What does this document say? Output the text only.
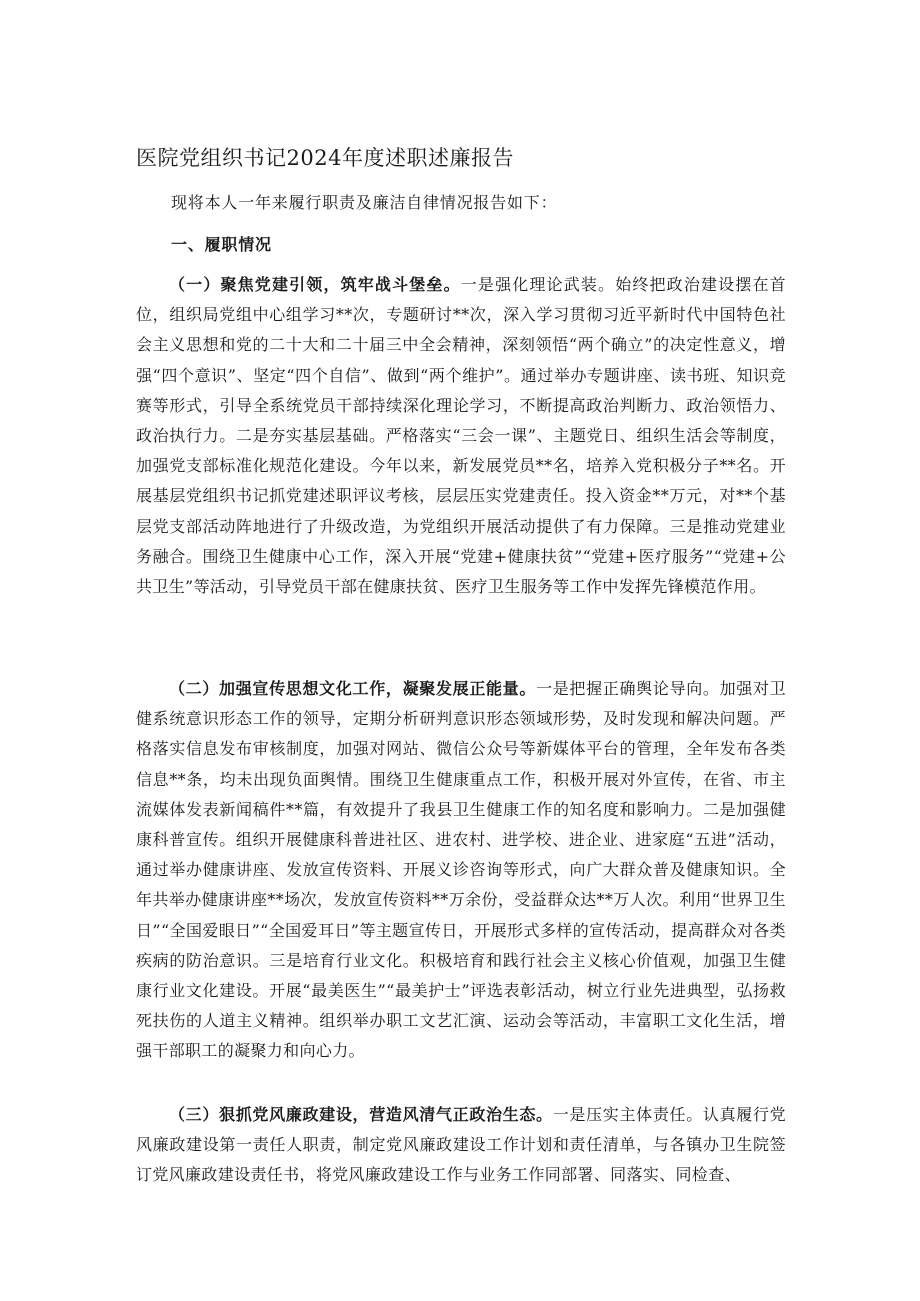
医院党组织书记2024年度述职述廉报告
现将本人一年来履行职责及廉洁自律情况报告如下：
一、履职情况

（一）聚焦党建引领，筑牢战斗堡垒。一是强化理论武装。始终把政治建设摆在首位，组织局党组中心组学习**次，专题研讨**次，深入学习贯彻习近平新时代中国特色社会主义思想和党的二十大和二十届三中全会精神，深刻领悟“两个确立”的决定性意义，增强“四个意识”、坚定“四个自信”、做到“两个维护”。通过举办专题讲座、读书班、知识竞赛等形式，引导全系统党员干部持续深化理论学习，不断提高政治判断力、政治领悟力、政治执行力。二是夯实基层基础。严格落实“三会一课”、主题党日、组织生活会等制度，加强党支部标准化规范化建设。今年以来，新发展党员**名，培养入党积极分子**名。开展基层党组织书记抓党建述职评议考核，层层压实党建责任。投入资金**万元，对**个基层党支部活动阵地进行了升级改造，为党组织开展活动提供了有力保障。三是推动党建业务融合。围绕卫生健康中心工作，深入开展“党建+健康扶贫”“党建+医疗服务”“党建+公共卫生”等活动，引导党员干部在健康扶贫、医疗卫生服务等工作中发挥先锋模范作用。

（二）加强宣传思想文化工作，凝聚发展正能量。一是把握正确舆论导向。加强对卫健系统意识形态工作的领导，定期分析研判意识形态领域形势，及时发现和解决问题。严格落实信息发布审核制度，加强对网站、微信公众号等新媒体平台的管理，全年发布各类信息**条，均未出现负面舆情。围绕卫生健康重点工作，积极开展对外宣传，在省、市主流媒体发表新闻稿件**篇，有效提升了我县卫生健康工作的知名度和影响力。二是加强健康科普宣传。组织开展健康科普进社区、进农村、进学校、进企业、进家庭“五进”活动，通过举办健康讲座、发放宣传资料、开展义诊咨询等形式，向广大群众普及健康知识。全年共举办健康讲座**场次，发放宣传资料**万余份，受益群众达**万人次。利用“世界卫生日”“全国爱眼日”“全国爱耳日”等主题宣传日，开展形式多样的宣传活动，提高群众对各类疾病的防治意识。三是培育行业文化。积极培育和践行社会主义核心价值观，加强卫生健康行业文化建设。开展“最美医生”“最美护士”评选表彰活动，树立行业先进典型，弘扬救死扶伤的人道主义精神。组织举办职工文艺汇演、运动会等活动，丰富职工文化生活，增强干部职工的凝聚力和向心力。

（三）狠抓党风廉政建设，营造风清气正政治生态。一是压实主体责任。认真履行党风廉政建设第一责任人职责，制定党风廉政建设工作计划和责任清单，与各镇办卫生院签订党风廉政建设责任书，将党风廉政建设工作与业务工作同部署、同落实、同检查、
